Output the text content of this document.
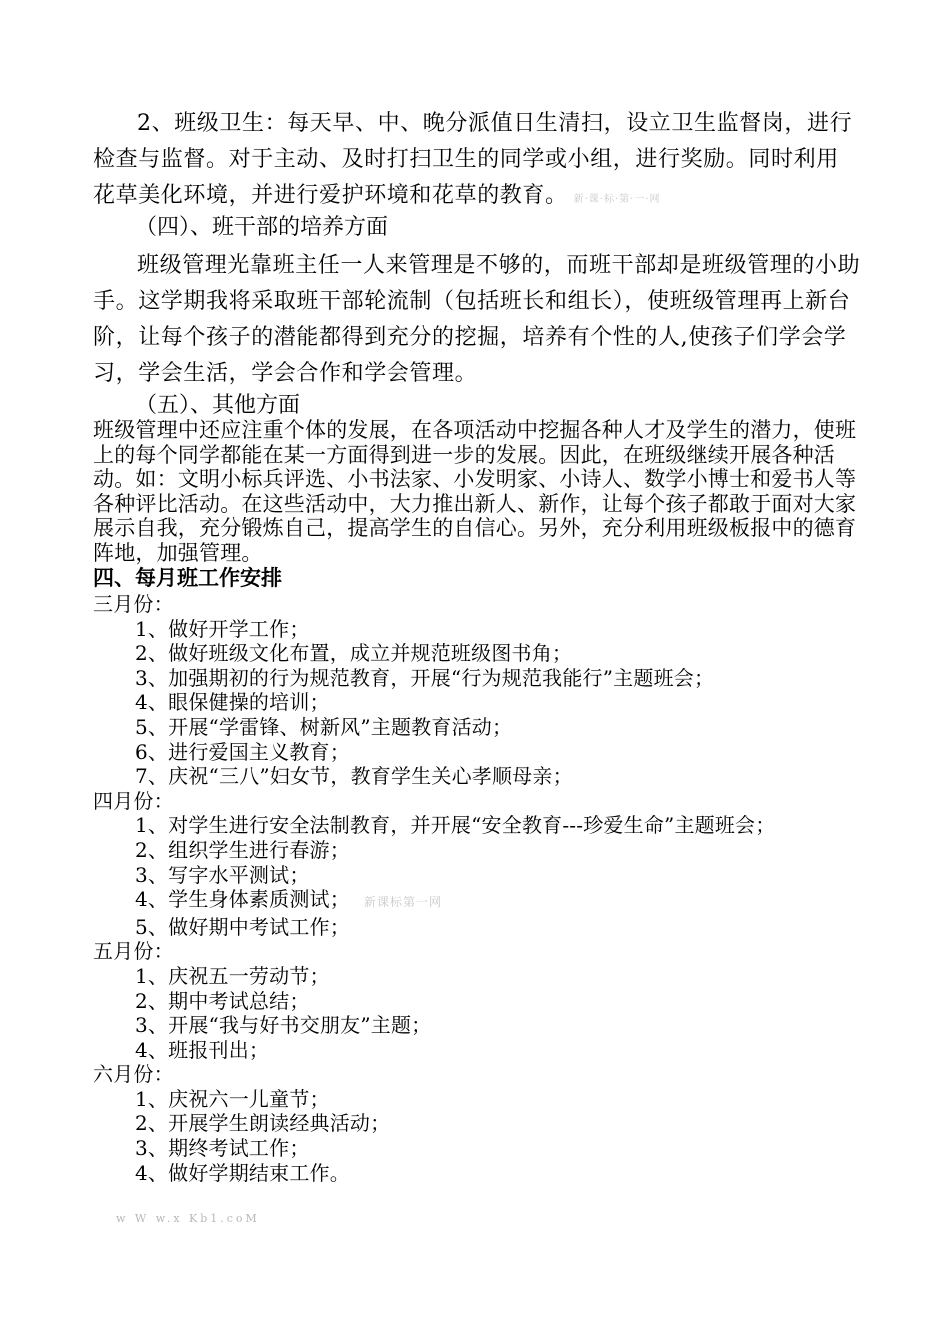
2、班级卫生：每天早、中、晚分派值日生清扫，设立卫生监督岗，进行检查与监督。对于主动、及时打扫卫生的同学或小组，进行奖励。同时利用花草美化环境，并进行爱护环境和花草的教育。 新·课·标·第·一·网

（四）、班干部的培养方面

班级管理光靠班主任一人来管理是不够的，而班干部却是班级管理的小助手。这学期我将采取班干部轮流制（包括班长和组长），使班级管理再上新台阶，让每个孩子的潜能都得到充分的挖掘，培养有个性的人,使孩子们学会学习，学会生活，学会合作和学会管理。

（五）、其他方面

班级管理中还应注重个体的发展，在各项活动中挖掘各种人才及学生的潜力，使班上的每个同学都能在某一方面得到进一步的发展。因此，在班级继续开展各种活动。如：文明小标兵评选、小书法家、小发明家、小诗人、数学小博士和爱书人等各种评比活动。在这些活动中，大力推出新人、新作，让每个孩子都敢于面对大家展示自我，充分锻炼自己，提高学生的自信心。另外，充分利用班级板报中的德育阵地，加强管理。

四、每月班工作安排

三月份：

1、做好开学工作；

2、做好班级文化布置，成立并规范班级图书角；

3、加强期初的行为规范教育，开展“行为规范我能行”主题班会；

4、眼保健操的培训；

5、开展“学雷锋、树新风”主题教育活动；

6、进行爱国主义教育；

7、庆祝“三八”妇女节，教育学生关心孝顺母亲；

四月份：

1、对学生进行安全法制教育，并开展“安全教育---珍爱生命”主题班会；

2、组织学生进行春游；

3、写字水平测试；

4、学生身体素质测试； 新课标第一网

5、做好期中考试工作；

五月份：

1、庆祝五一劳动节；

2、期中考试总结；

3、开展“我与好书交朋友”主题；

4、班报刊出；

六月份：

1、庆祝六一儿童节；

2、开展学生朗读经典活动；

3、期终考试工作；

4、做好学期结束工作。

w W w.x Kb1.coM
